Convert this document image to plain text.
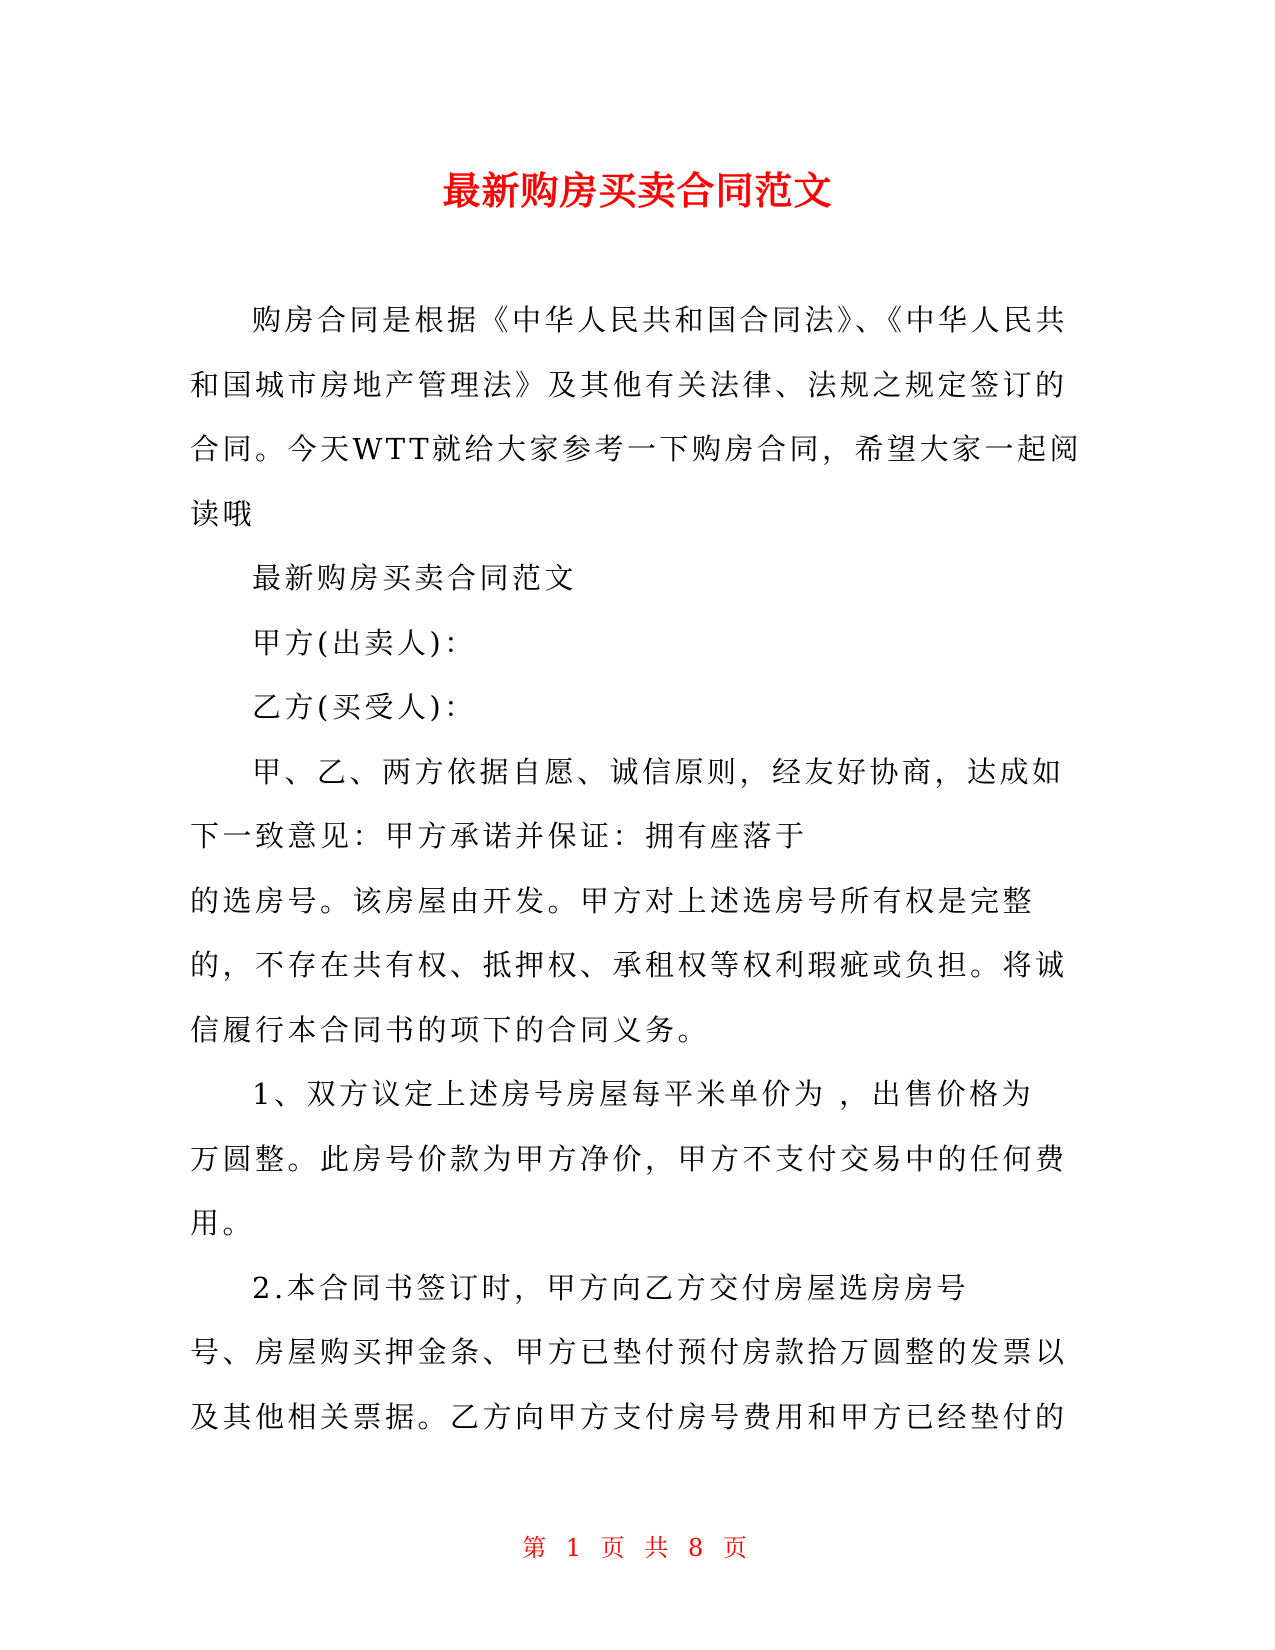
最新购房买卖合同范文

购房合同是根据《中华人民共和国合同法》、《中华人民共和国城市房地产管理法》及其他有关法律、法规之规定签订的合同。今天WTT就给大家参考一下购房合同，希望大家一起阅读哦

最新购房买卖合同范文

甲方(出卖人)：

乙方(买受人)：

甲、乙、两方依据自愿、诚信原则，经友好协商，达成如下一致意见：甲方承诺并保证：拥有座落于

的选房号。该房屋由开发。甲方对上述选房号所有权是完整的，不存在共有权、抵押权、承租权等权利瑕疵或负担。将诚信履行本合同书的项下的合同义务。

1、双方议定上述房号房屋每平米单价为 ，出售价格为

万圆整。此房号价款为甲方净价，甲方不支付交易中的任何费用。

2.本合同书签订时，甲方向乙方交付房屋选房房号

号、房屋购买押金条、甲方已垫付预付房款拾万圆整的发票以及其他相关票据。乙方向甲方支付房号费用和甲方已经垫付的

第 1 页 共 8 页
